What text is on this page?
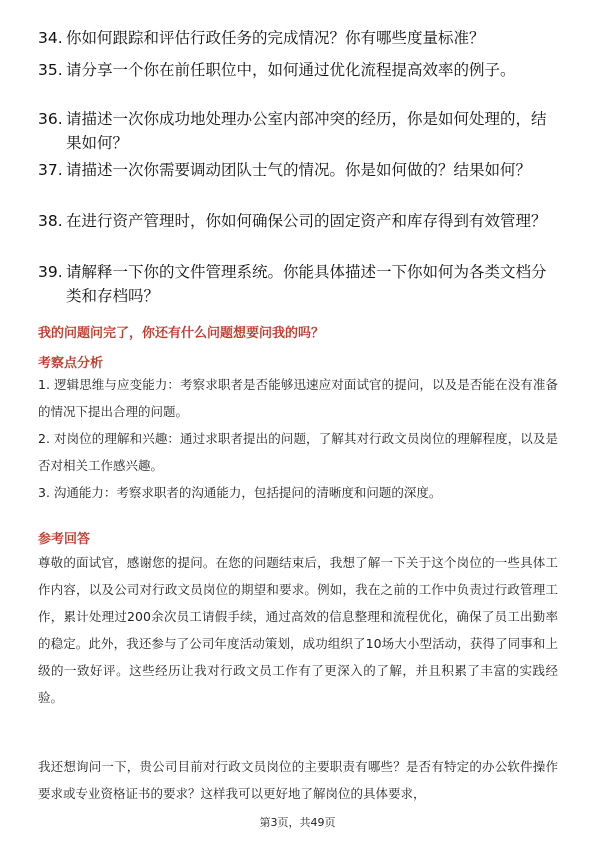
34. 你如何跟踪和评估行政任务的完成情况？你有哪些度量标准？
35. 请分享一个你在前任职位中，如何通过优化流程提高效率的例子。
36. 请描述一次你成功地处理办公室内部冲突的经历，你是如何处理的，结果如何？
37. 请描述一次你需要调动团队士气的情况。你是如何做的？结果如何？
38. 在进行资产管理时，你如何确保公司的固定资产和库存得到有效管理？
39. 请解释一下你的文件管理系统。你能具体描述一下你如何为各类文档分类和存档吗？
我的问题问完了，你还有什么问题想要问我的吗？
考察点分析
1. 逻辑思维与应变能力：考察求职者是否能够迅速应对面试官的提问，以及是否能在没有准备的情况下提出合理的问题。
2. 对岗位的理解和兴趣：通过求职者提出的问题，了解其对行政文员岗位的理解程度，以及是否对相关工作感兴趣。
3. 沟通能力：考察求职者的沟通能力，包括提问的清晰度和问题的深度。
参考回答
尊敬的面试官，感谢您的提问。在您的问题结束后，我想了解一下关于这个岗位的一些具体工作内容，以及公司对行政文员岗位的期望和要求。例如，我在之前的工作中负责过行政管理工作，累计处理过200余次员工请假手续，通过高效的信息整理和流程优化，确保了员工出勤率的稳定。此外，我还参与了公司年度活动策划，成功组织了10场大小型活动，获得了同事和上级的一致好评。这些经历让我对行政文员工作有了更深入的了解，并且积累了丰富的实践经验。
我还想询问一下，贵公司目前对行政文员岗位的主要职责有哪些？是否有特定的办公软件操作要求或专业资格证书的要求？这样我可以更好地了解岗位的具体要求，
第3页，共49页
